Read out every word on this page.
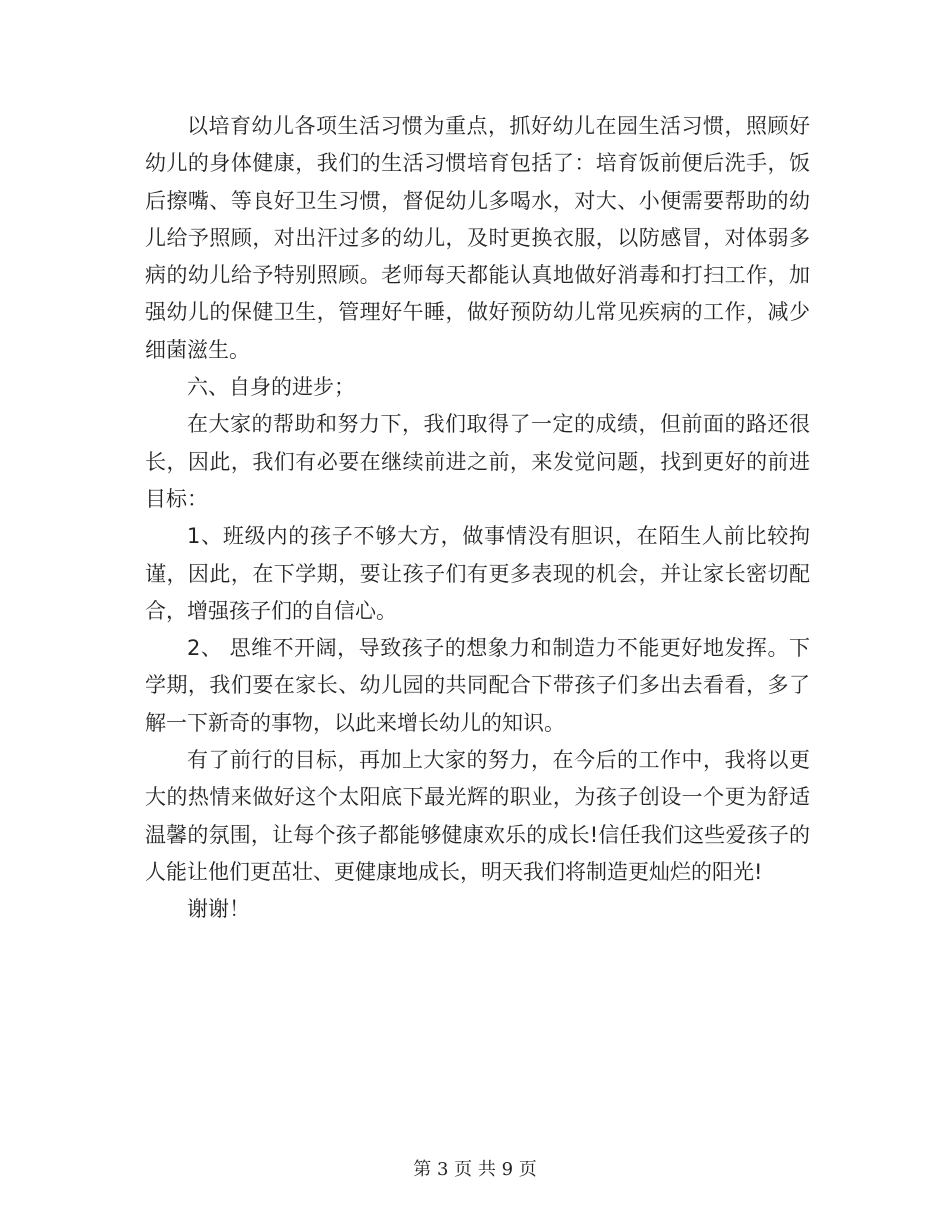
以培育幼儿各项生活习惯为重点，抓好幼儿在园生活习惯，照顾好幼儿的身体健康，我们的生活习惯培育包括了：培育饭前便后洗手，饭后擦嘴、等良好卫生习惯，督促幼儿多喝水，对大、小便需要帮助的幼儿给予照顾，对出汗过多的幼儿，及时更换衣服，以防感冒，对体弱多病的幼儿给予特别照顾。老师每天都能认真地做好消毒和打扫工作，加强幼儿的保健卫生，管理好午睡，做好预防幼儿常见疾病的工作，减少细菌滋生。

六、自身的进步；

在大家的帮助和努力下，我们取得了一定的成绩，但前面的路还很长，因此，我们有必要在继续前进之前，来发觉问题，找到更好的前进目标：

1、班级内的孩子不够大方，做事情没有胆识，在陌生人前比较拘谨，因此，在下学期，要让孩子们有更多表现的机会，并让家长密切配合，增强孩子们的自信心。

2、 思维不开阔，导致孩子的想象力和制造力不能更好地发挥。下学期，我们要在家长、幼儿园的共同配合下带孩子们多出去看看，多了解一下新奇的事物，以此来增长幼儿的知识。

有了前行的目标，再加上大家的努力，在今后的工作中，我将以更大的热情来做好这个太阳底下最光辉的职业，为孩子创设一个更为舒适温馨的氛围，让每个孩子都能够健康欢乐的成长!信任我们这些爱孩子的人能让他们更茁壮、更健康地成长，明天我们将制造更灿烂的阳光!

谢谢！

第 3 页 共 9 页
